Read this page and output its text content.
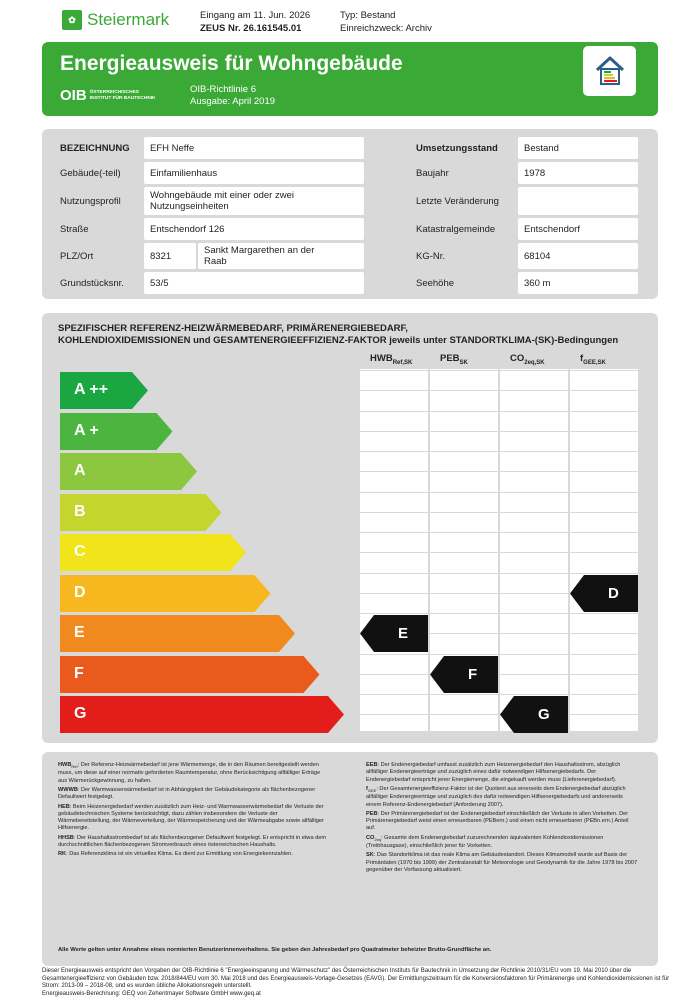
✿ Steiermark	Eingang am 11. Jun. 2026
ZEUS Nr. 26.161545.01
Typ: Bestand
Einreichzweck: Archiv
Energieausweis für Wohngebäude
OIB ÖSTERREICHISCHES
INSTITUT FÜR BAUTECHNIK
OIB-Richtlinie 6
Ausgabe: April 2019
BEZEICHNUNG	EFH Neffe
Gebäude(-teil)	Einfamilienhaus
Nutzungsprofil	Wohngebäude mit einer oder zwei
Nutzungseinheiten
Straße	Entschendorf 126
PLZ/Ort	8321	Sankt Margarethen an der
Raab
Grundstücksnr.	53/5
Umsetzungsstand	Bestand
Baujahr	1978
Letzte Veränderung
Katastralgemeinde	Entschendorf
KG-Nr.	68104
Seehöhe	360 m
SPEZIFISCHER REFERENZ-HEIZWÄRMEBEDARF, PRIMÄRENERGIEBEDARF,
KOHLENDIOXIDEMISSIONEN und GESAMTENERGIEEFFIZIENZ-FAKTOR jeweils unter STANDORTKLIMA-(SK)-Bedingungen
$HWB_{Ref,SK}$	$PEB_{SK}$	$CO_{2eq,SK}$	$f_{GEE,SK}$
A ++
A +
A
B
C
D
E
F
G
E
F
G
D

$HWB_{Ref}$: Der Referenz-Heizwärmebedarf ist jene Wärmemenge, die in den Räumen bereitgestellt werden muss, um diese auf einer normativ geforderten Raumtemperatur, ohne Berücksichtigung allfälliger Erträge aus Wärmerückgewinnung, zu halten.

WWWB: Der Warmwasserwärmebedarf ist in Abhängigkeit der Gebäudekategorie als flächenbezogener Defaultwert festgelegt.

HEB: Beim Heizenergiebedarf werden zusätzlich zum Heiz- und Warmwasserwärmebedarf die Verluste der gebäudetechnischen Systeme berücksichtigt, dazu zählen insbesondere die Verluste der Wärmebereitstellung, der Wärmeverteilung, der Wärmespeicherung und der Wärmeabgabe sowie allfälliger Hilfsenergie.

HHSB: Der Haushaltsstrombedarf ist als flächenbezogener Defaultwert festgelegt. Er entspricht in etwa dem durchschnittlichen flächenbezogenen Stromverbrauch eines österreichischen Haushalts.

RK: Das Referenzklima ist ein virtuelles Klima. Es dient zur Ermittlung von Energiekennzahlen.

EEB: Der Endenergiebedarf umfasst zusätzlich zum Heizenergiebedarf den Haushaltsstrom, abzüglich allfälliger Endenergieerträge und zuzüglich eines dafür notwendigen Hilfsenergiebedarfs. Der Endenergiebedarf entspricht jener Energiemenge, die eingekauft werden muss (Lieferenergiebedarf).

$f_{GEE}$: Der Gesamtenergieeffizienz-Faktor ist der Quotient aus einerseits dem Endenergiebedarf abzüglich allfälliger Endenergieerträge und zuzüglich des dafür notwendigen Hilfsenergiebedarfs und andererseits einem Referenz-Endenergiebedarf (Anforderung 2007).

PEB: Der Primärenergiebedarf ist der Endenergiebedarf einschließlich der Verluste in allen Vorketten. Der Primärenergiebedarf weist einen erneuerbaren (PEBern.) und einen nicht erneuerbaren (PEBn.ern.) Anteil auf.

$CO_{2eq}$: Gesamte dem Endenergiebedarf zuzurechnenden äquivalenten Kohlendioxidemissionen (Treibhausgase), einschließlich jener für Vorketten.

SK: Das Standortklima ist das reale Klima am Gebäudestandort. Dieses Klimamodell wurde auf Basis der Primärdaten (1970 bis 1999) der Zentralanstalt für Meteorologie und Geodynamik für die Jahre 1978 bis 2007 gegenüber der Vorfassung aktualisiert.

Alle Werte gelten unter Annahme eines normierten Benutzerinnenverhaltens. Sie geben den Jahresbedarf pro Quadratmeter beheizter Brutto-Grundfläche an.
Dieser Energieausweis entspricht den Vorgaben der OIB-Richtlinie 6 "Energieeinsparung und Wärmeschutz" des Österreichischen Instituts für Bautechnik in Umsetzung der Richtlinie 2010/31/EU vom 19. Mai 2010 über die Gesamtenergieeffizienz von Gebäuden bzw. 2018/844/EU vom 30. Mai 2018 und des Energieausweis-Vorlage-Gesetzes (EAVG). Der Ermittlungszeitraum für die Konversionsfaktoren für Primärenergie und Kohlendioxidemissionen ist für Strom: 2013-09 – 2018-08, und es wurden übliche Allokationsregeln unterstellt.
Energieausweis-Berechnung: GEQ von Zehentmayer Software GmbH www.geq.at
